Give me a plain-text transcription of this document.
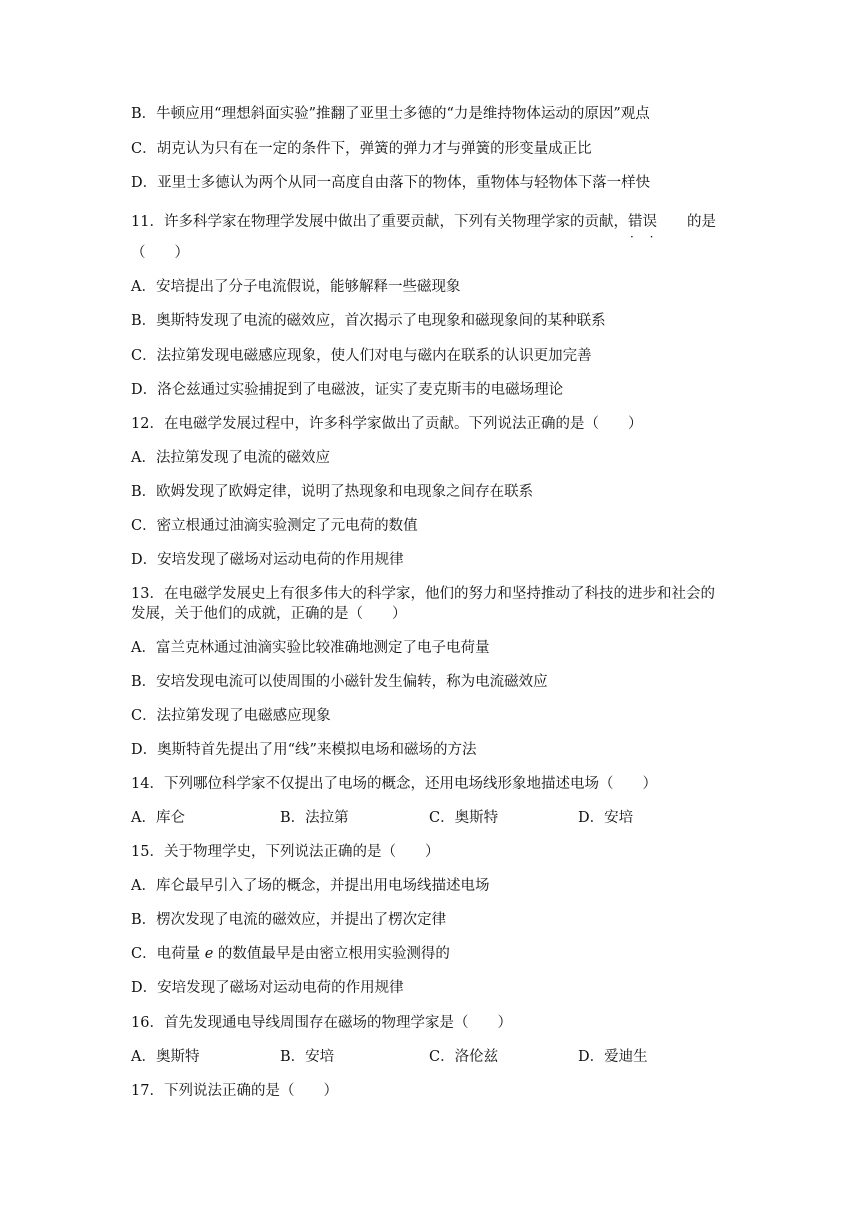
B．牛顿应用“理想斜面实验”推翻了亚里士多德的“力是维持物体运动的原因”观点
C．胡克认为只有在一定的条件下，弹簧的弹力才与弹簧的形变量成正比
D．亚里士多德认为两个从同一高度自由落下的物体，重物体与轻物体下落一样快
11．许多科学家在物理学发展中做出了重要贡献，下列有关物理学家的贡献，错误 · · 的是
（　　）
A．安培提出了分子电流假说，能够解释一些磁现象
B．奥斯特发现了电流的磁效应，首次揭示了电现象和磁现象间的某种联系
C．法拉第发现电磁感应现象，使人们对电与磁内在联系的认识更加完善
D．洛仑兹通过实验捕捉到了电磁波，证实了麦克斯韦的电磁场理论
12．在电磁学发展过程中，许多科学家做出了贡献。下列说法正确的是（　　）
A．法拉第发现了电流的磁效应
B．欧姆发现了欧姆定律，说明了热现象和电现象之间存在联系
C．密立根通过油滴实验测定了元电荷的数值
D．安培发现了磁场对运动电荷的作用规律
13．在电磁学发展史上有很多伟大的科学家，他们的努力和坚持推动了科技的进步和社会的
发展，关于他们的成就，正确的是（　　）
A．富兰克林通过油滴实验比较准确地测定了电子电荷量
B．安培发现电流可以使周围的小磁针发生偏转，称为电流磁效应
C．法拉第发现了电磁感应现象
D．奥斯特首先提出了用“线”来模拟电场和磁场的方法
14．下列哪位科学家不仅提出了电场的概念，还用电场线形象地描述电场（　　）
A．库仑	B．法拉第	C．奥斯特	D．安培
15．关于物理学史，下列说法正确的是（　　）
A．库仑最早引入了场的概念，并提出用电场线描述电场
B．楞次发现了电流的磁效应，并提出了楞次定律
C．电荷量 e 的数值最早是由密立根用实验测得的
D．安培发现了磁场对运动电荷的作用规律
16．首先发现通电导线周围存在磁场的物理学家是（　　）
A．奥斯特	B．安培	C．洛伦兹	D．爱迪生
17．下列说法正确的是（　　）
